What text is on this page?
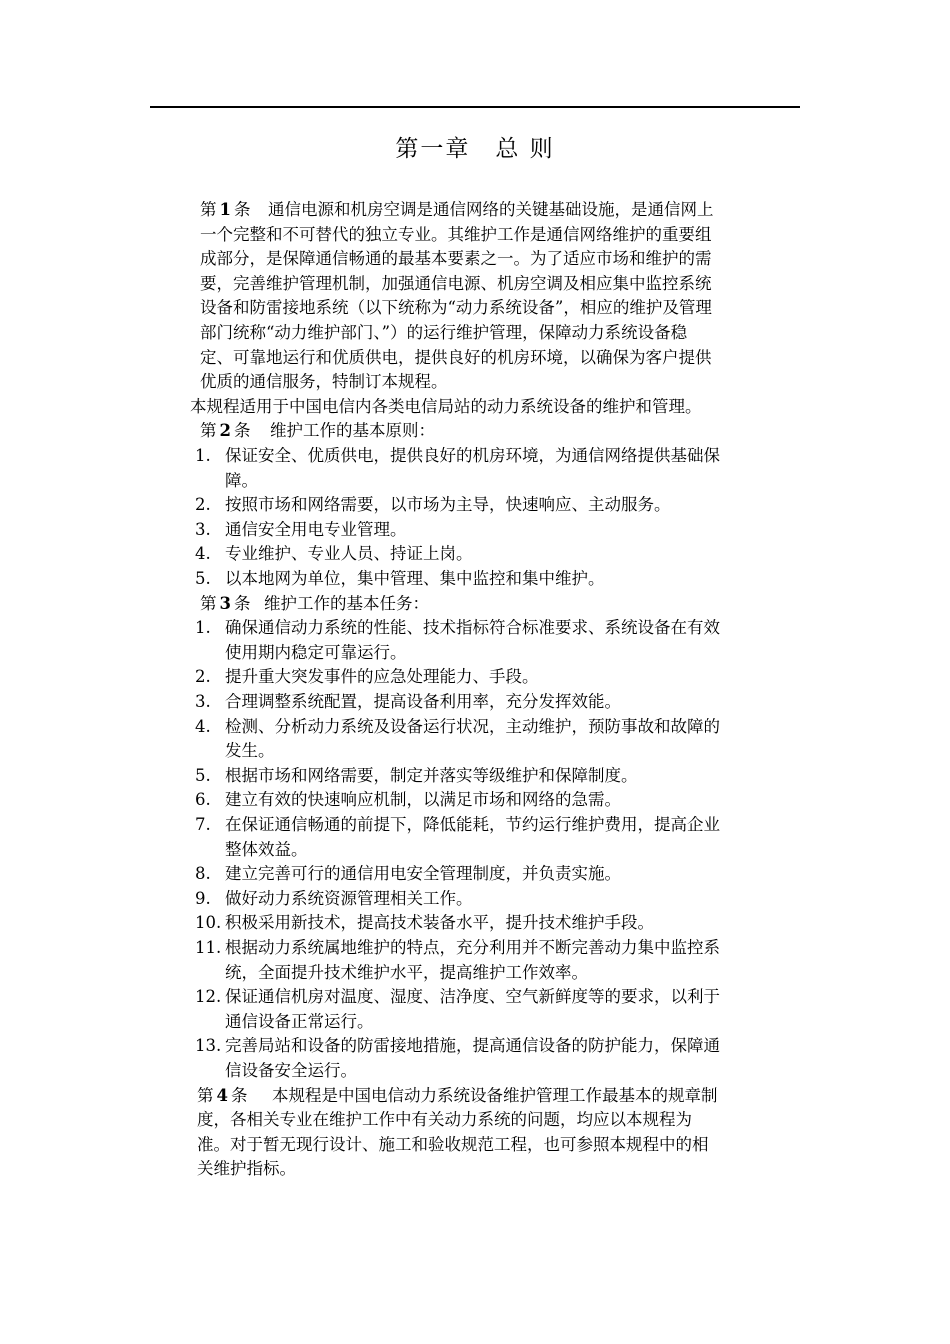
第一章　总 则
第 1 条 通信电源和机房空调是通信网络的关键基础设施，是通信网上
一个完整和不可替代的独立专业。其维护工作是通信网络维护的重要组
成部分，是保障通信畅通的最基本要素之一。为了适应市场和维护的需
要，完善维护管理机制，加强通信电源、机房空调及相应集中监控系统
设备和防雷接地系统（以下统称为“动力系统设备”，相应的维护及管理
部门统称“动力维护部门、”）的运行维护管理，保障动力系统设备稳
定、可靠地运行和优质供电，提供良好的机房环境，以确保为客户提供
优质的通信服务，特制订本规程。
本规程适用于中国电信内各类电信局站的动力系统设备的维护和管理。
第 2 条 维护工作的基本原则：
1. 保证安全、优质供电，提供良好的机房环境，为通信网络提供基础保
障。
2. 按照市场和网络需要，以市场为主导，快速响应、主动服务。
3. 通信安全用电专业管理。
4. 专业维护、专业人员、持证上岗。
5. 以本地网为单位，集中管理、集中监控和集中维护。
第 3 条 维护工作的基本任务：
1. 确保通信动力系统的性能、技术指标符合标准要求、系统设备在有效
使用期内稳定可靠运行。
2. 提升重大突发事件的应急处理能力、手段。
3. 合理调整系统配置，提高设备利用率，充分发挥效能。
4. 检测、分析动力系统及设备运行状况，主动维护，预防事故和故障的
发生。
5. 根据市场和网络需要，制定并落实等级维护和保障制度。
6. 建立有效的快速响应机制，以满足市场和网络的急需。
7. 在保证通信畅通的前提下，降低能耗，节约运行维护费用，提高企业
整体效益。
8. 建立完善可行的通信用电安全管理制度，并负责实施。
9. 做好动力系统资源管理相关工作。
10. 积极采用新技术，提高技术装备水平，提升技术维护手段。
11. 根据动力系统属地维护的特点，充分利用并不断完善动力集中监控系
统，全面提升技术维护水平，提高维护工作效率。
12. 保证通信机房对温度、湿度、洁净度、空气新鲜度等的要求，以利于
通信设备正常运行。
13. 完善局站和设备的防雷接地措施，提高通信设备的防护能力，保障通
信设备安全运行。
第 4 条 本规程是中国电信动力系统设备维护管理工作最基本的规章制
度，各相关专业在维护工作中有关动力系统的问题，均应以本规程为
准。对于暂无现行设计、施工和验收规范工程，也可参照本规程中的相
关维护指标。
